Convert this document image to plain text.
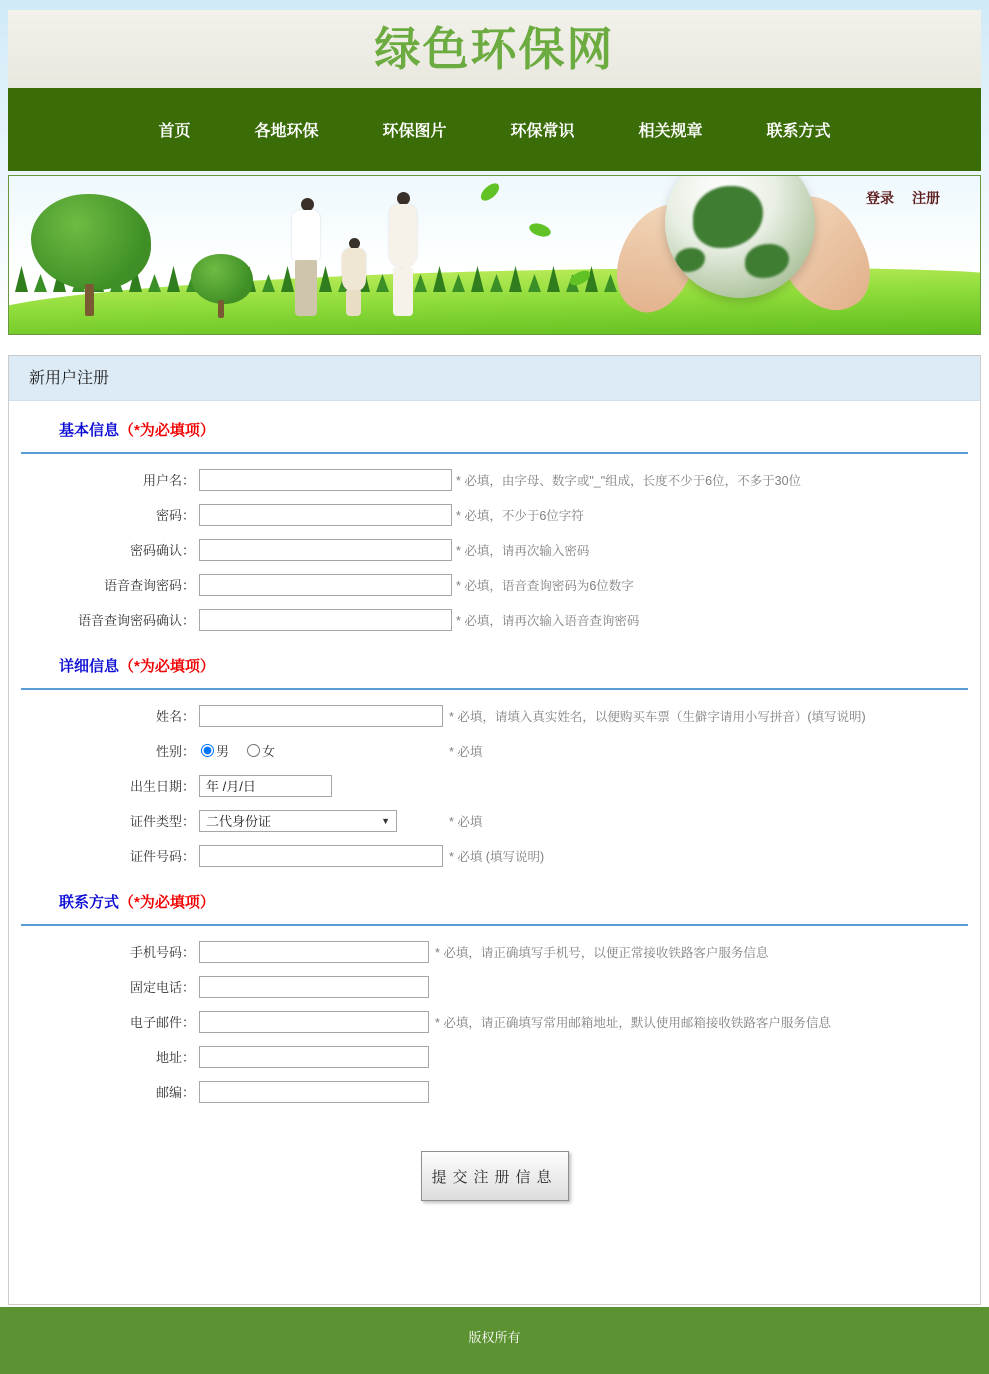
绿色环保网
首页	各地环保	环保图片	环保常识	相关规章	联系方式
登录 注册
新用户注册
基本信息（*为必填项）
用户名：	* 必填，由字母、数字或"_"组成，长度不少于6位，不多于30位
密码：	* 必填，不少于6位字符
密码确认：	* 必填，请再次输入密码
语音查询密码：	* 必填，语音查询密码为6位数字
语音查询密码确认：	* 必填，请再次输入语音查询密码
详细信息（*为必填项）
姓名：	* 必填，请填入真实姓名，以便购买车票（生僻字请用小写拼音）(填写说明)
性别： 男	女	* 必填
出生日期：
年 /月/日
证件类型： 二代身份证	▼	* 必填
证件号码：	* 必填 (填写说明)
联系方式（*为必填项）
手机号码：	* 必填，请正确填写手机号，以便正常接收铁路客户服务信息
固定电话：
电子邮件：	* 必填，请正确填写常用邮箱地址，默认使用邮箱接收铁路客户服务信息
地址：
邮编：
提交注册信息
版权所有
